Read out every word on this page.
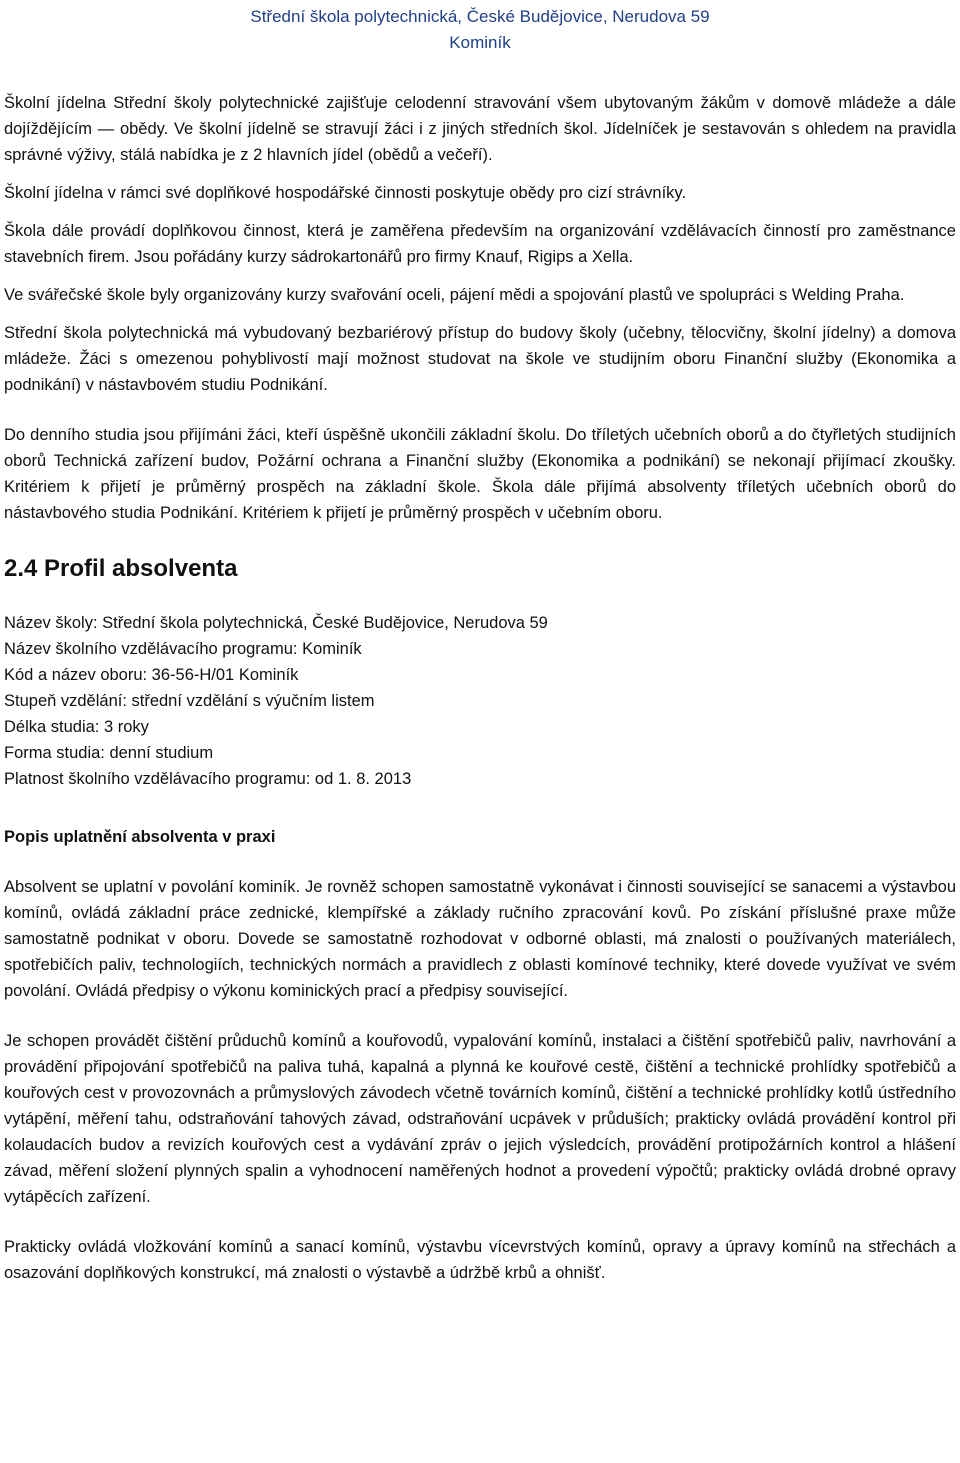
Střední škola polytechnická, České Budějovice, Nerudova 59
Kominík

Školní jídelna Střední školy polytechnické zajišťuje celodenní stravování všem ubytovaným žákům v domově mládeže a dále dojíždějícím — obědy. Ve školní jídelně se stravují žáci i z jiných středních škol. Jídelníček je sestavován s ohledem na pravidla správné výživy, stálá nabídka je z 2 hlavních jídel (obědů a večeří).

Školní jídelna v rámci své doplňkové hospodářské činnosti poskytuje obědy pro cizí strávníky.

Škola dále provádí doplňkovou činnost, která je zaměřena především na organizování vzdělávacích činností pro zaměstnance stavebních firem. Jsou pořádány kurzy sádrokartonářů pro firmy Knauf, Rigips a Xella.

Ve svářečské škole byly organizovány kurzy svařování oceli, pájení mědi a spojování plastů ve spolupráci s Welding Praha.

Střední škola polytechnická má vybudovaný bezbariérový přístup do budovy školy (učebny, tělocvičny, školní jídelny) a domova mládeže. Žáci s omezenou pohyblivostí mají možnost studovat na škole ve studijním oboru Finanční služby (Ekonomika a podnikání) v nástavbovém studiu Podnikání.

Do denního studia jsou přijímáni žáci, kteří úspěšně ukončili základní školu. Do tříletých učebních oborů a do čtyřletých studijních oborů Technická zařízení budov, Požární ochrana a Finanční služby (Ekonomika a podnikání) se nekonají přijímací zkoušky. Kritériem k přijetí je průměrný prospěch na základní škole. Škola dále přijímá absolventy tříletých učebních oborů do nástavbového studia Podnikání. Kritériem k přijetí je průměrný prospěch v učebním oboru.

2.4 Profil absolventa

Název školy: Střední škola polytechnická, České Budějovice, Nerudova 59

Název školního vzdělávacího programu: Kominík

Kód a název oboru: 36-56-H/01 Kominík

Stupeň vzdělání: střední vzdělání s výučním listem

Délka studia: 3 roky

Forma studia: denní studium

Platnost školního vzdělávacího programu: od 1. 8. 2013

Popis uplatnění absolventa v praxi

Absolvent se uplatní v povolání kominík. Je rovněž schopen samostatně vykonávat i činnosti související se sanacemi a výstavbou komínů, ovládá základní práce zednické, klempířské a základy ručního zpracování kovů. Po získání příslušné praxe může samostatně podnikat v oboru. Dovede se samostatně rozhodovat v odborné oblasti, má znalosti o používaných materiálech, spotřebičích paliv, technologiích, technických normách a pravidlech z oblasti komínové techniky, které dovede využívat ve svém povolání. Ovládá předpisy o výkonu kominických prací a předpisy související.

Je schopen provádět čištění průduchů komínů a kouřovodů, vypalování komínů, instalaci a čištění spotřebičů paliv, navrhování a provádění připojování spotřebičů na paliva tuhá, kapalná a plynná ke kouřové cestě, čištění a technické prohlídky spotřebičů a kouřových cest v provozovnách a průmyslových závodech včetně továrních komínů, čištění a technické prohlídky kotlů ústředního vytápění, měření tahu, odstraňování tahových závad, odstraňování ucpávek v průduších; prakticky ovládá provádění kontrol při kolaudacích budov a revizích kouřových cest a vydávání zpráv o jejich výsledcích, provádění protipožárních kontrol a hlášení závad, měření složení plynných spalin a vyhodnocení naměřených hodnot a provedení výpočtů; prakticky ovládá drobné opravy vytápěcích zařízení.

Prakticky ovládá vložkování komínů a sanací komínů, výstavbu vícevrstvých komínů, opravy a úpravy komínů na střechách a osazování doplňkových konstrukcí, má znalosti o výstavbě a údržbě krbů a ohnišť.
